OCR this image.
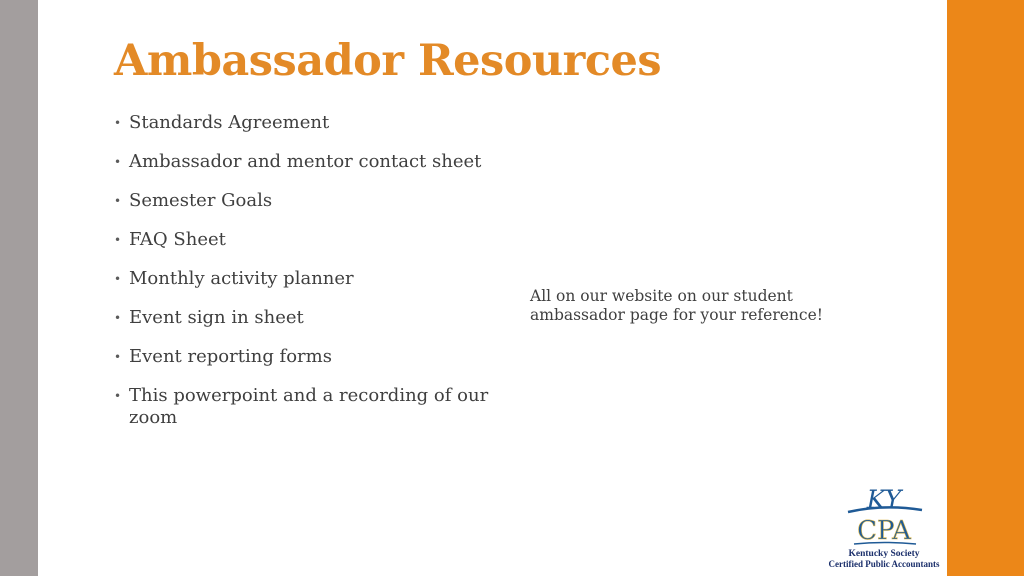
Ambassador Resources
• Standards Agreement
• Ambassador and mentor contact sheet
• Semester Goals
• FAQ Sheet
• Monthly activity planner
• Event sign in sheet
• Event reporting forms
• This powerpoint and a recording of our zoom
All on our website on our student ambassador page for your reference!
KY
CPA
Kentucky Society
Certified Public Accountants
